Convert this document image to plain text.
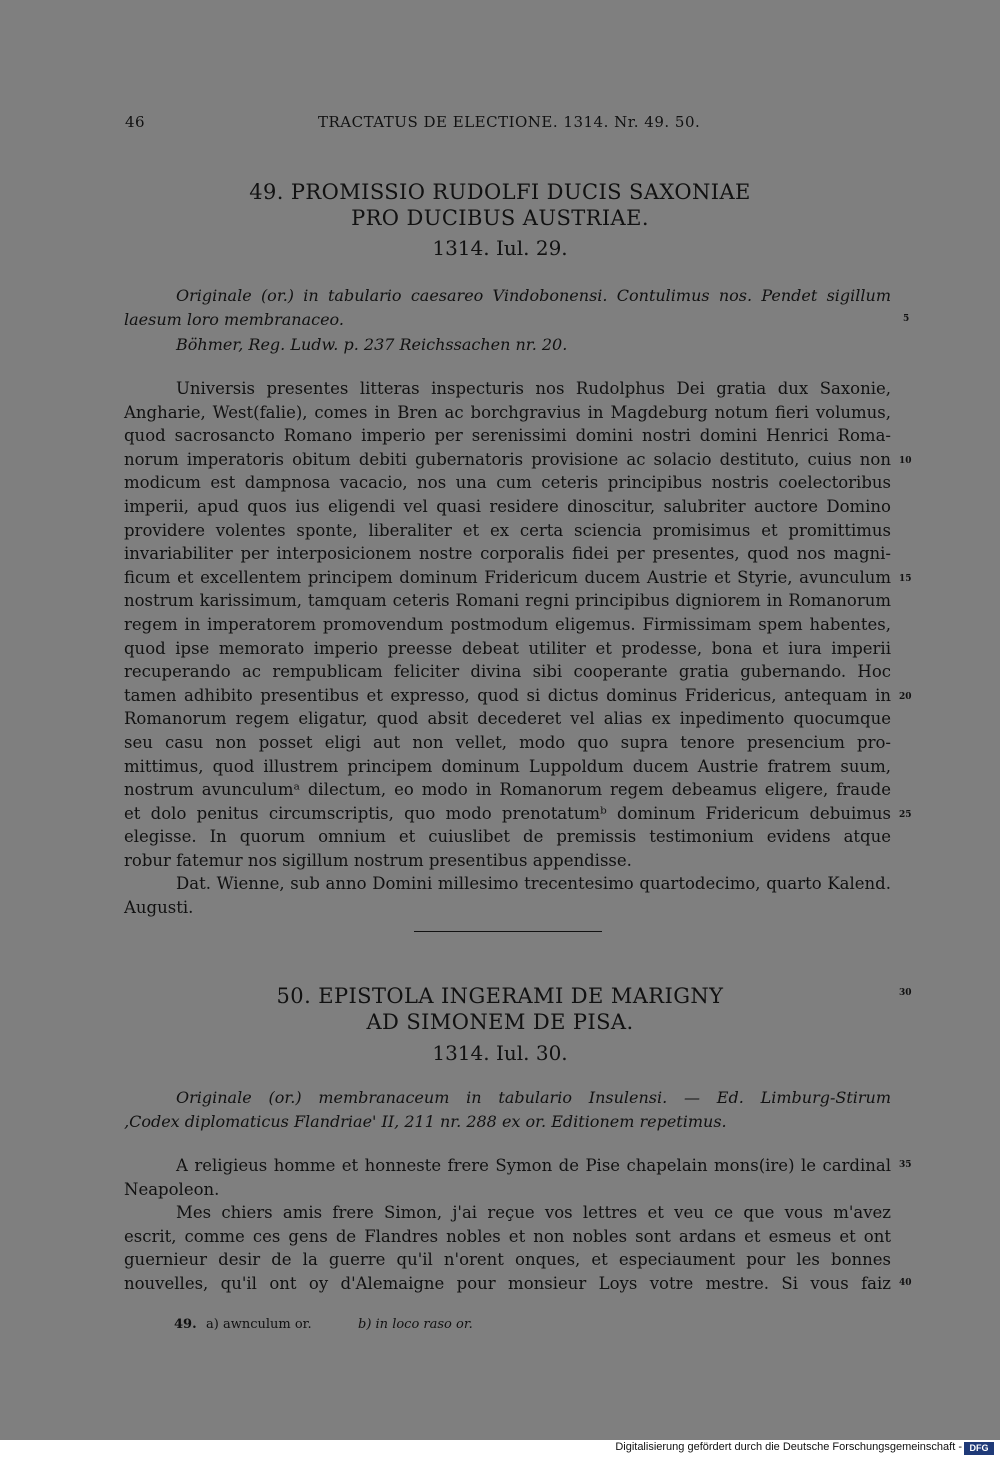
46	TRACTATUS DE ELECTIONE. 1314. Nr. 49. 50.
49. PROMISSIO RUDOLFI DUCIS SAXONIAE
PRO DUCIBUS AUSTRIAE.
1314. Iul. 29.
Originale (or.) in tabulario caesareo Vindobonensi. Contulimus nos. Pendet sigillum
laesum loro membranaceo.
Böhmer, Reg. Ludw. p. 237 Reichssachen nr. 20.
Universis presentes litteras inspecturis nos Rudolphus Dei gratia dux Saxonie,
Angharie, West(falie), comes in Bren ac borchgravius in Magdeburg notum fieri volumus,
quod sacrosancto Romano imperio per serenissimi domini nostri domini Henrici Roma-
norum imperatoris obitum debiti gubernatoris provisione ac solacio destituto, cuius non
modicum est dampnosa vacacio, nos una cum ceteris principibus nostris coelectoribus
imperii, apud quos ius eligendi vel quasi residere dinoscitur, salubriter auctore Domino
providere volentes sponte, liberaliter et ex certa sciencia promisimus et promittimus
invariabiliter per interposicionem nostre corporalis fidei per presentes, quod nos magni-
ficum et excellentem principem dominum Fridericum ducem Austrie et Styrie, avunculum
nostrum karissimum, tamquam ceteris Romani regni principibus digniorem in Romanorum
regem in imperatorem promovendum postmodum eligemus. Firmissimam spem habentes,
quod ipse memorato imperio preesse debeat utiliter et prodesse, bona et iura imperii
recuperando ac rempublicam feliciter divina sibi cooperante gratia gubernando. Hoc
tamen adhibito presentibus et expresso, quod si dictus dominus Fridericus, antequam in
Romanorum regem eligatur, quod absit decederet vel alias ex inpedimento quocumque
seu casu non posset eligi aut non vellet, modo quo supra tenore presencium pro-
mittimus, quod illustrem principem dominum Luppoldum ducem Austrie fratrem suum,
nostrum avunculumᵃ dilectum, eo modo in Romanorum regem debeamus eligere, fraude
et dolo penitus circumscriptis, quo modo prenotatumᵇ dominum Fridericum debuimus
elegisse. In quorum omnium et cuiuslibet de premissis testimonium evidens atque
robur fatemur nos sigillum nostrum presentibus appendisse.
Dat. Wienne, sub anno Domini millesimo trecentesimo quartodecimo, quarto Kalend.
Augusti.
50. EPISTOLA INGERAMI DE MARIGNY
AD SIMONEM DE PISA.
1314. Iul. 30.
Originale (or.) membranaceum in tabulario Insulensi. — Ed. Limburg-Stirum
‚Codex diplomaticus Flandriae' II, 211 nr. 288 ex or. Editionem repetimus.
A religieus homme et honneste frere Symon de Pise chapelain mons(ire) le cardinal
Neapoleon.
Mes chiers amis frere Simon, j'ai reçue vos lettres et veu ce que vous m'avez
escrit, comme ces gens de Flandres nobles et non nobles sont ardans et esmeus et ont
guernieur desir de la guerre qu'il n'orent onques, et especiaument pour les bonnes
nouvelles, qu'il ont oy d'Alemaigne pour monsieur Loys votre mestre. Si vous faiz
5
10
15
20
25
30
35
40
49. a) awnculum or.	b) in loco raso or.
Digitalisierung gefördert durch die Deutsche Forschungsgemeinschaft - DFG
